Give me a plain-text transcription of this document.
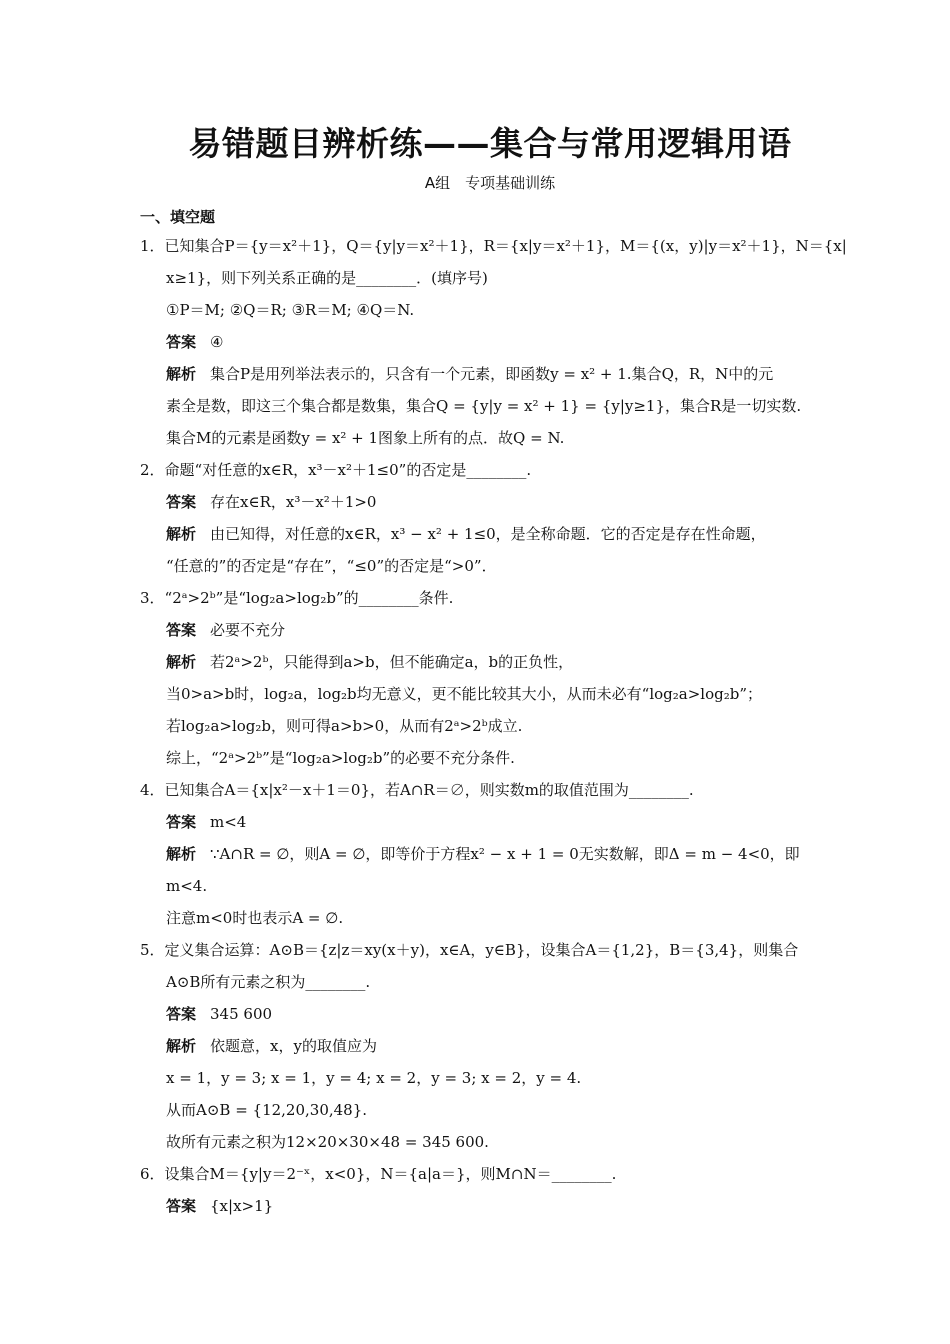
易错题目辨析练——集合与常用逻辑用语
A组　专项基础训练
一、填空题
1．已知集合P＝{y＝x²＋1}，Q＝{y|y＝x²＋1}，R＝{x|y＝x²＋1}，M＝{(x，y)|y＝x²＋1}，N＝{x|
x≥1}，则下列关系正确的是________．(填序号)
①P＝M; ②Q＝R; ③R＝M; ④Q＝N.
答案 ④
解析 集合P是用列举法表示的，只含有一个元素，即函数y = x² + 1.集合Q，R，N中的元
素全是数，即这三个集合都是数集，集合Q = {y|y = x² + 1} = {y|y≥1}，集合R是一切实数.
集合M的元素是函数y = x² + 1图象上所有的点．故Q = N.
2．命题“对任意的x∈R，x³－x²＋1≤0”的否定是________.
答案 存在x∈R，x³－x²＋1>0
解析 由已知得，对任意的x∈R，x³ − x² + 1≤0，是全称命题．它的否定是存在性命题，
“任意的”的否定是“存在”，“≤0”的否定是“>0”．
3．“2ᵃ>2ᵇ”是“log₂a>log₂b”的________条件.
答案 必要不充分
解析 若2ᵃ>2ᵇ，只能得到a>b，但不能确定a，b的正负性，
当0>a>b时，log₂a，log₂b均无意义，更不能比较其大小，从而未必有“log₂a>log₂b”；
若log₂a>log₂b，则可得a>b>0，从而有2ᵃ>2ᵇ成立.
综上，“2ᵃ>2ᵇ”是“log₂a>log₂b”的必要不充分条件.
4．已知集合A＝{x|x²－x＋1＝0}，若A∩R＝∅，则实数m的取值范围为________.
答案 m<4
解析 ∵A∩R = ∅，则A = ∅，即等价于方程x² − x + 1 = 0无实数解，即Δ = m − 4<0，即
m<4.
注意m<0时也表示A = ∅.
5．定义集合运算：A⊙B＝{z|z＝xy(x＋y)，x∈A，y∈B}，设集合A＝{1,2}，B＝{3,4}，则集合
A⊙B所有元素之积为________.
答案 345 600
解析 依题意，x，y的取值应为
x = 1，y = 3; x = 1，y = 4; x = 2，y = 3; x = 2，y = 4.
从而A⊙B = {12,20,30,48}.
故所有元素之积为12×20×30×48 = 345 600.
6．设集合M＝{y|y＝2⁻ˣ，x<0}，N＝{a|a＝}，则M∩N＝________.
答案 {x|x>1}
